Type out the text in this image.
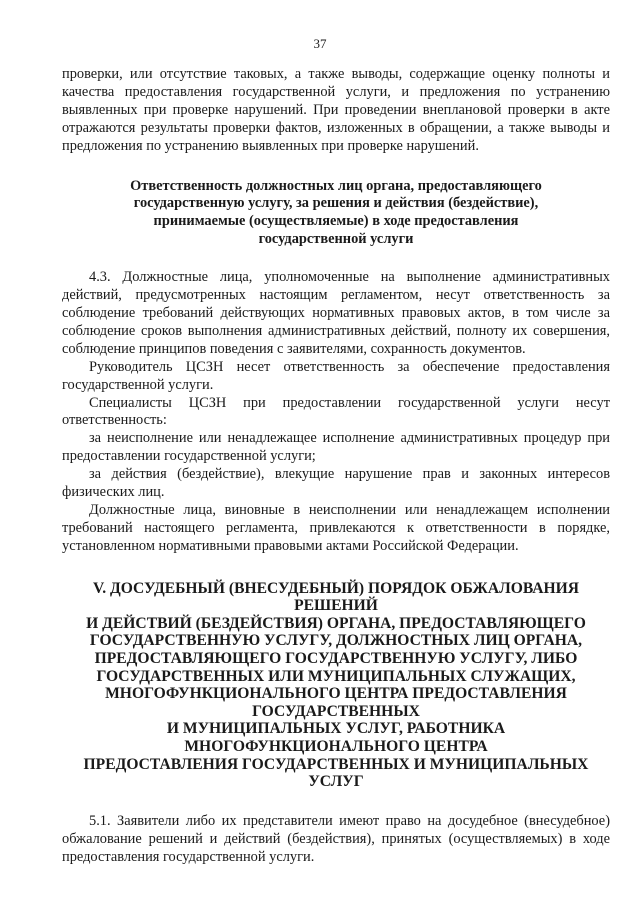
37

проверки, или отсутствие таковых, а также выводы, содержащие оценку полноты и качества предоставления государственной услуги, и предложения по устранению выявленных при проверке нарушений. При проведении внеплановой проверки в акте отражаются результаты проверки фактов, изложенных в обращении, а также выводы и предложения по устранению выявленных при проверке нарушений.

Ответственность должностных лиц органа, предоставляющего
государственную услугу, за решения и действия (бездействие),
принимаемые (осуществляемые) в ходе предоставления
государственной услуги

4.3. Должностные лица, уполномоченные на выполнение административных действий, предусмотренных настоящим регламентом, несут ответственность за соблюдение требований действующих нормативных правовых актов, в том числе за соблюдение сроков выполнения административных действий, полноту их совершения, соблюдение принципов поведения с заявителями, сохранность документов.

Руководитель ЦСЗН несет ответственность за обеспечение предоставления государственной услуги.

Специалисты ЦСЗН при предоставлении государственной услуги несут ответственность:

за неисполнение или ненадлежащее исполнение административных процедур при предоставлении государственной услуги;

за действия (бездействие), влекущие нарушение прав и законных интересов физических лиц.

Должностные лица, виновные в неисполнении или ненадлежащем исполнении требований настоящего регламента, привлекаются к ответственности в порядке, установленном нормативными правовыми актами Российской Федерации.

V. ДОСУДЕБНЫЙ (ВНЕСУДЕБНЫЙ) ПОРЯДОК ОБЖАЛОВАНИЯ
РЕШЕНИЙ
И ДЕЙСТВИЙ (БЕЗДЕЙСТВИЯ) ОРГАНА, ПРЕДОСТАВЛЯЮЩЕГО
ГОСУДАРСТВЕННУЮ УСЛУГУ, ДОЛЖНОСТНЫХ ЛИЦ ОРГАНА,
ПРЕДОСТАВЛЯЮЩЕГО ГОСУДАРСТВЕННУЮ УСЛУГУ, ЛИБО
ГОСУДАРСТВЕННЫХ ИЛИ МУНИЦИПАЛЬНЫХ СЛУЖАЩИХ,
МНОГОФУНКЦИОНАЛЬНОГО ЦЕНТРА ПРЕДОСТАВЛЕНИЯ
ГОСУДАРСТВЕННЫХ
И МУНИЦИПАЛЬНЫХ УСЛУГ, РАБОТНИКА
МНОГОФУНКЦИОНАЛЬНОГО ЦЕНТРА
ПРЕДОСТАВЛЕНИЯ ГОСУДАРСТВЕННЫХ И МУНИЦИПАЛЬНЫХ УСЛУГ

5.1. Заявители либо их представители имеют право на досудебное (внесудебное) обжалование решений и действий (бездействия), принятых (осуществляемых) в ходе предоставления государственной услуги.
